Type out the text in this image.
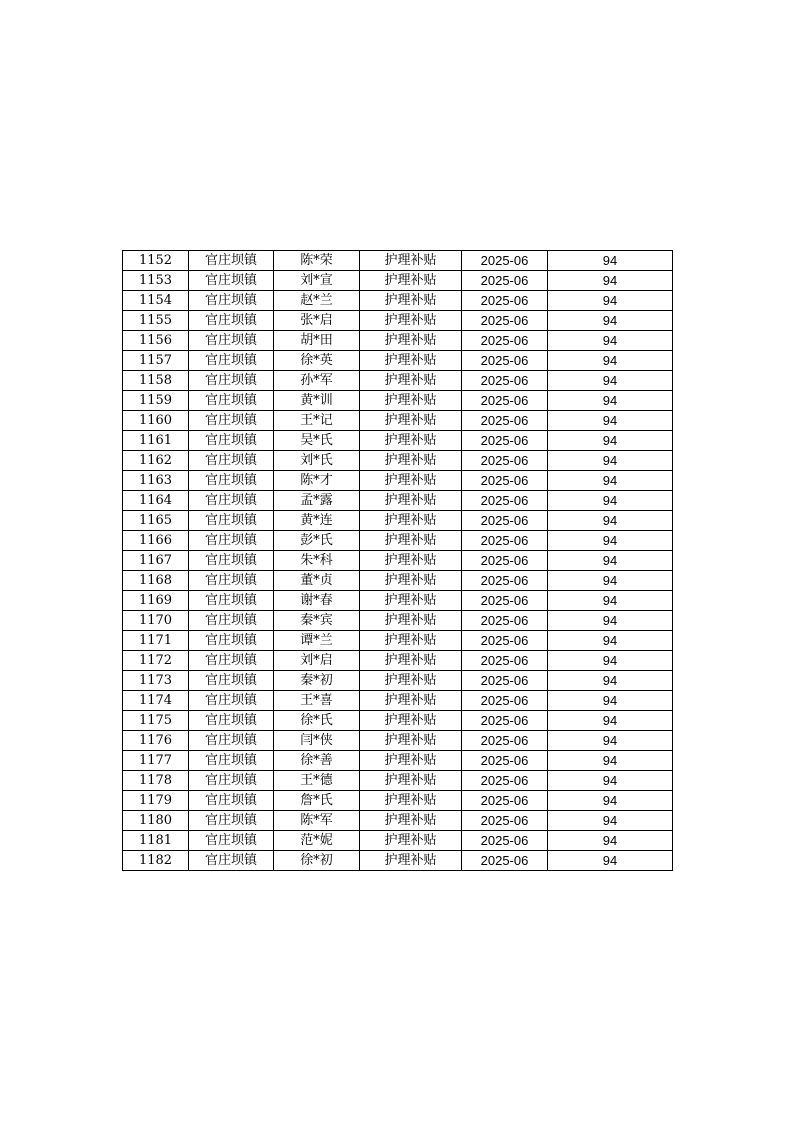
1152	官庄坝镇	陈*荣	护理补贴	2025-06	94
1153	官庄坝镇	刘*宣	护理补贴	2025-06	94
1154	官庄坝镇	赵*兰	护理补贴	2025-06	94
1155	官庄坝镇	张*启	护理补贴	2025-06	94
1156	官庄坝镇	胡*田	护理补贴	2025-06	94
1157	官庄坝镇	徐*英	护理补贴	2025-06	94
1158	官庄坝镇	孙*军	护理补贴	2025-06	94
1159	官庄坝镇	黄*训	护理补贴	2025-06	94
1160	官庄坝镇	王*记	护理补贴	2025-06	94
1161	官庄坝镇	吴*氏	护理补贴	2025-06	94
1162	官庄坝镇	刘*氏	护理补贴	2025-06	94
1163	官庄坝镇	陈*才	护理补贴	2025-06	94
1164	官庄坝镇	孟*露	护理补贴	2025-06	94
1165	官庄坝镇	黄*连	护理补贴	2025-06	94
1166	官庄坝镇	彭*氏	护理补贴	2025-06	94
1167	官庄坝镇	朱*科	护理补贴	2025-06	94
1168	官庄坝镇	董*贞	护理补贴	2025-06	94
1169	官庄坝镇	谢*春	护理补贴	2025-06	94
1170	官庄坝镇	秦*宾	护理补贴	2025-06	94
1171	官庄坝镇	谭*兰	护理补贴	2025-06	94
1172	官庄坝镇	刘*启	护理补贴	2025-06	94
1173	官庄坝镇	秦*初	护理补贴	2025-06	94
1174	官庄坝镇	王*喜	护理补贴	2025-06	94
1175	官庄坝镇	徐*氏	护理补贴	2025-06	94
1176	官庄坝镇	闫*侠	护理补贴	2025-06	94
1177	官庄坝镇	徐*善	护理补贴	2025-06	94
1178	官庄坝镇	王*德	护理补贴	2025-06	94
1179	官庄坝镇	詹*氏	护理补贴	2025-06	94
1180	官庄坝镇	陈*军	护理补贴	2025-06	94
1181	官庄坝镇	范*妮	护理补贴	2025-06	94
1182	官庄坝镇	徐*初	护理补贴	2025-06	94
